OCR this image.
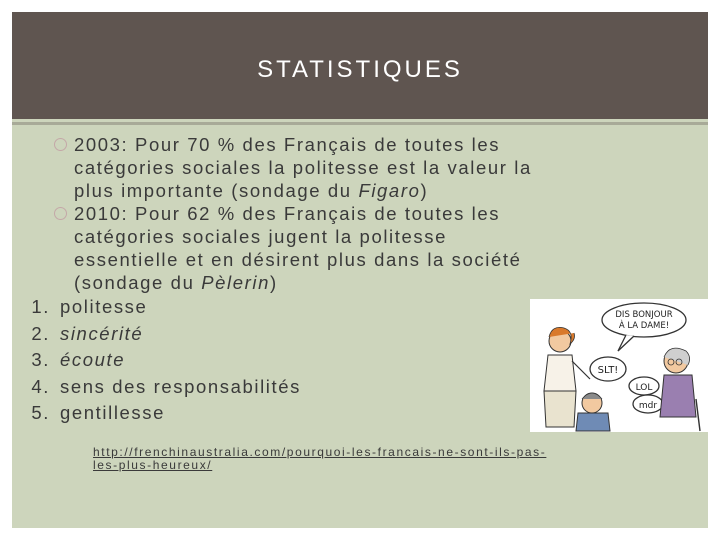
STATISTIQUES
DIS BONJOUR
À LA DAME!
SLT!
LOL
mdr
2003: Pour 70 % des Français de toutes les
catégories sociales la politesse est la valeur la
plus importante (sondage du Figaro)
2010: Pour 62 % des Français de toutes les
catégories sociales jugent la politesse
essentielle et en désirent plus dans la société
(sondage du Pèlerin)
1. politesse
2. sincérité
3. écoute
4. sens des responsabilités
5. gentillesse
http://frenchinaustralia.com/pourquoi-les-francais-ne-sont-ils-pas-
les-plus-heureux/
